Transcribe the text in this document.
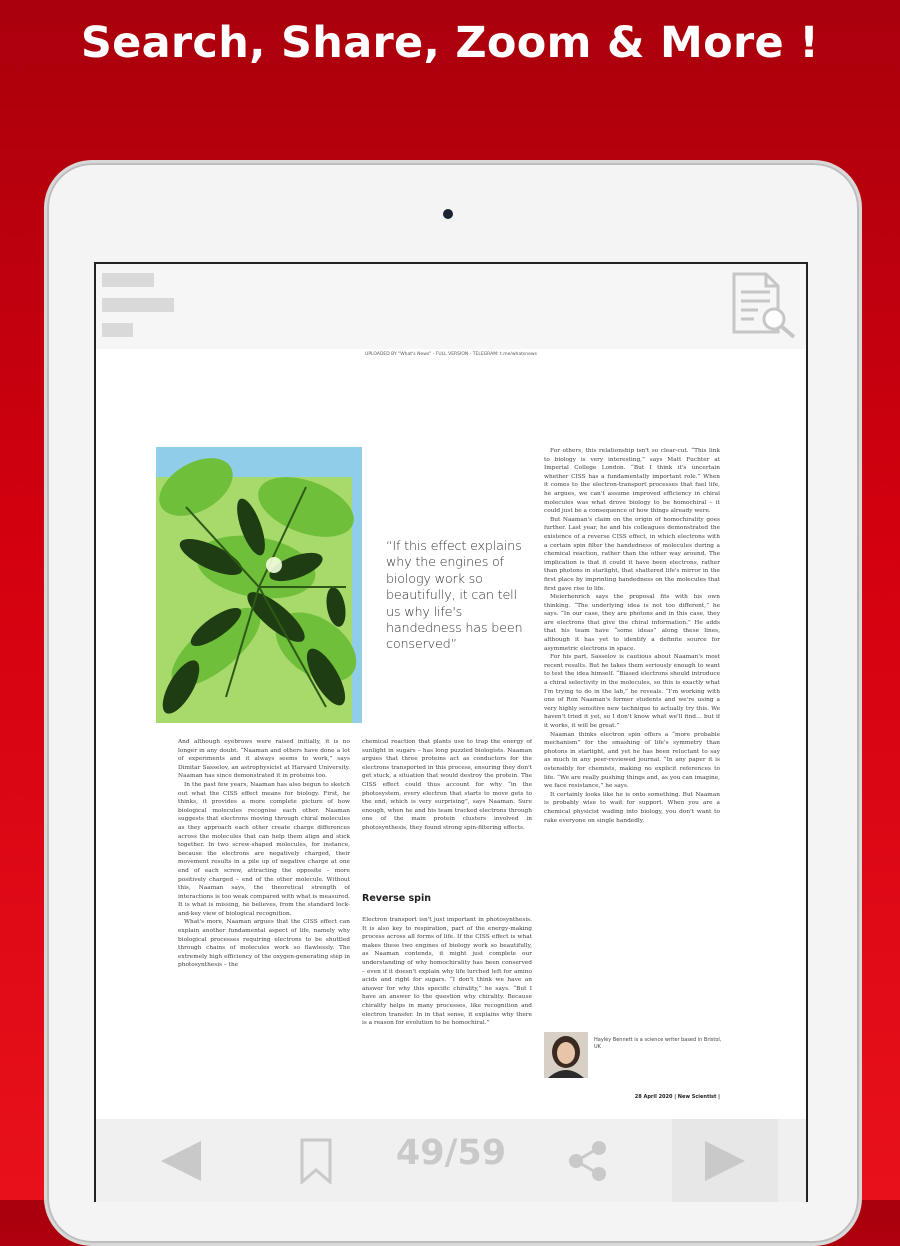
Search, Share, Zoom & More !
UPLOADED BY "What's News" - FULL VERSION - TELEGRAM: t.me/whatsnews
“If this effect explains why the engines of biology work so beautifully, it can tell us why life's handedness has been conserved”

And although eyebrows were raised initially, it is no longer in any doubt. “Naaman and others have done a lot of experiments and it always seems to work,” says Dimitar Sasselov, an astrophysicist at Harvard University. Naaman has since demonstrated it in proteins too.

In the past few years, Naaman has also begun to sketch out what the CISS effect means for biology. First, he thinks, it provides a more complete picture of how biological molecules recognise each other. Naaman suggests that electrons moving through chiral molecules as they approach each other create charge differences across the molecules that can help them align and stick together. In two screw-shaped molecules, for instance, because the electrons are negatively charged, their movement results in a pile up of negative charge at one end of each screw, attracting the opposite – more positively charged – end of the other molecule. Without this, Naaman says, the theoretical strength of interactions is too weak compared with what is measured. It is what is missing, he believes, from the standard lock-and-key view of biological recognition.

What's more, Naaman argues that the CISS effect can explain another fundamental aspect of life, namely why biological processes requiring electrons to be shuttled through chains of molecules work so flawlessly. The extremely high efficiency of the oxygen-generating step in photosynthesis – the

chemical reaction that plants use to trap the energy of sunlight in sugars – has long puzzled biologists. Naaman argues that three proteins act as conductors for the electrons transported in this process, ensuring they don't get stuck, a situation that would destroy the protein. The CISS effect could thus account for why “in the photosystem, every electron that starts to move gets to the end, which is very surprising”, says Naaman. Sure enough, when he and his team tracked electrons through one of the main protein clusters involved in photosynthesis, they found strong spin-filtering effects.

Reverse spin

Electron transport isn't just important in photosynthesis. It is also key to respiration, part of the energy-making process across all forms of life. If the CISS effect is what makes these two engines of biology work so beautifully, as Naaman contends, it might just complete our understanding of why homochirality has been conserved – even if it doesn't explain why life lurched left for amino acids and right for sugars. “I don't think we have an answer for why this specific chirality,” he says. “But I have an answer to the question why chirality. Because chirality helps in many processes, like recognition and electron transfer. In in that sense, it explains why there is a reason for evolution to be homochiral.”

For others, this relationship isn't so clear-cut. “This link to biology is very interesting,” says Matt Fuchter at Imperial College London. “But I think it's uncertain whether CISS has a fundamentally important role.” When it comes to the electron-transport processes that fuel life, he argues, we can't assume improved efficiency in chiral molecules was what drove biology to be homochiral – it could just be a consequence of how things already were.

But Naaman's claim on the origin of homochirality goes further. Last year, he and his colleagues demonstrated the existence of a reverse CISS effect, in which electrons with a certain spin filter the handedness of molecules during a chemical reaction, rather than the other way around. The implication is that it could it have been electrons, rather than photons in starlight, that shattered life's mirror in the first place by imprinting handedness on the molecules that first gave rise to life.

Meierhenrich says the proposal fits with his own thinking. “The underlying idea is not too different,” he says. “In our case, they are photons and in this case, they are electrons that give the chiral information.” He adds that his team have “some ideas” along these lines, although it has yet to identify a definite source for asymmetric electrons in space.

For his part, Sasselov is cautious about Naaman's most recent results. But he takes them seriously enough to want to test the idea himself. “Biased electrons should introduce a chiral selectivity in the molecules, so this is exactly what I'm trying to do in the lab,” he reveals. “I'm working with one of Ron Naaman's former students and we're using a very highly sensitive new technique to actually try this. We haven't tried it yet, so I don't know what we'll find… but if it works, it will be great.”

Naaman thinks electron spin offers a “more probable mechanism” for the smashing of life's symmetry than photons in starlight, and yet he has been reluctant to say as much in any peer-reviewed journal. “In any paper it is ostensibly for chemists, making no explicit references to life. “We are really pushing things and, as you can imagine, we face resistance,” he says.

It certainly looks like he is onto something. But Naaman is probably wise to wait for support. When you are a chemical physicist wading into biology, you don't want to rake everyone on single handedly.

Hayley Bennett is a science writer based in Bristol, UK
28 April 2020 | New Scientist |
49/59
